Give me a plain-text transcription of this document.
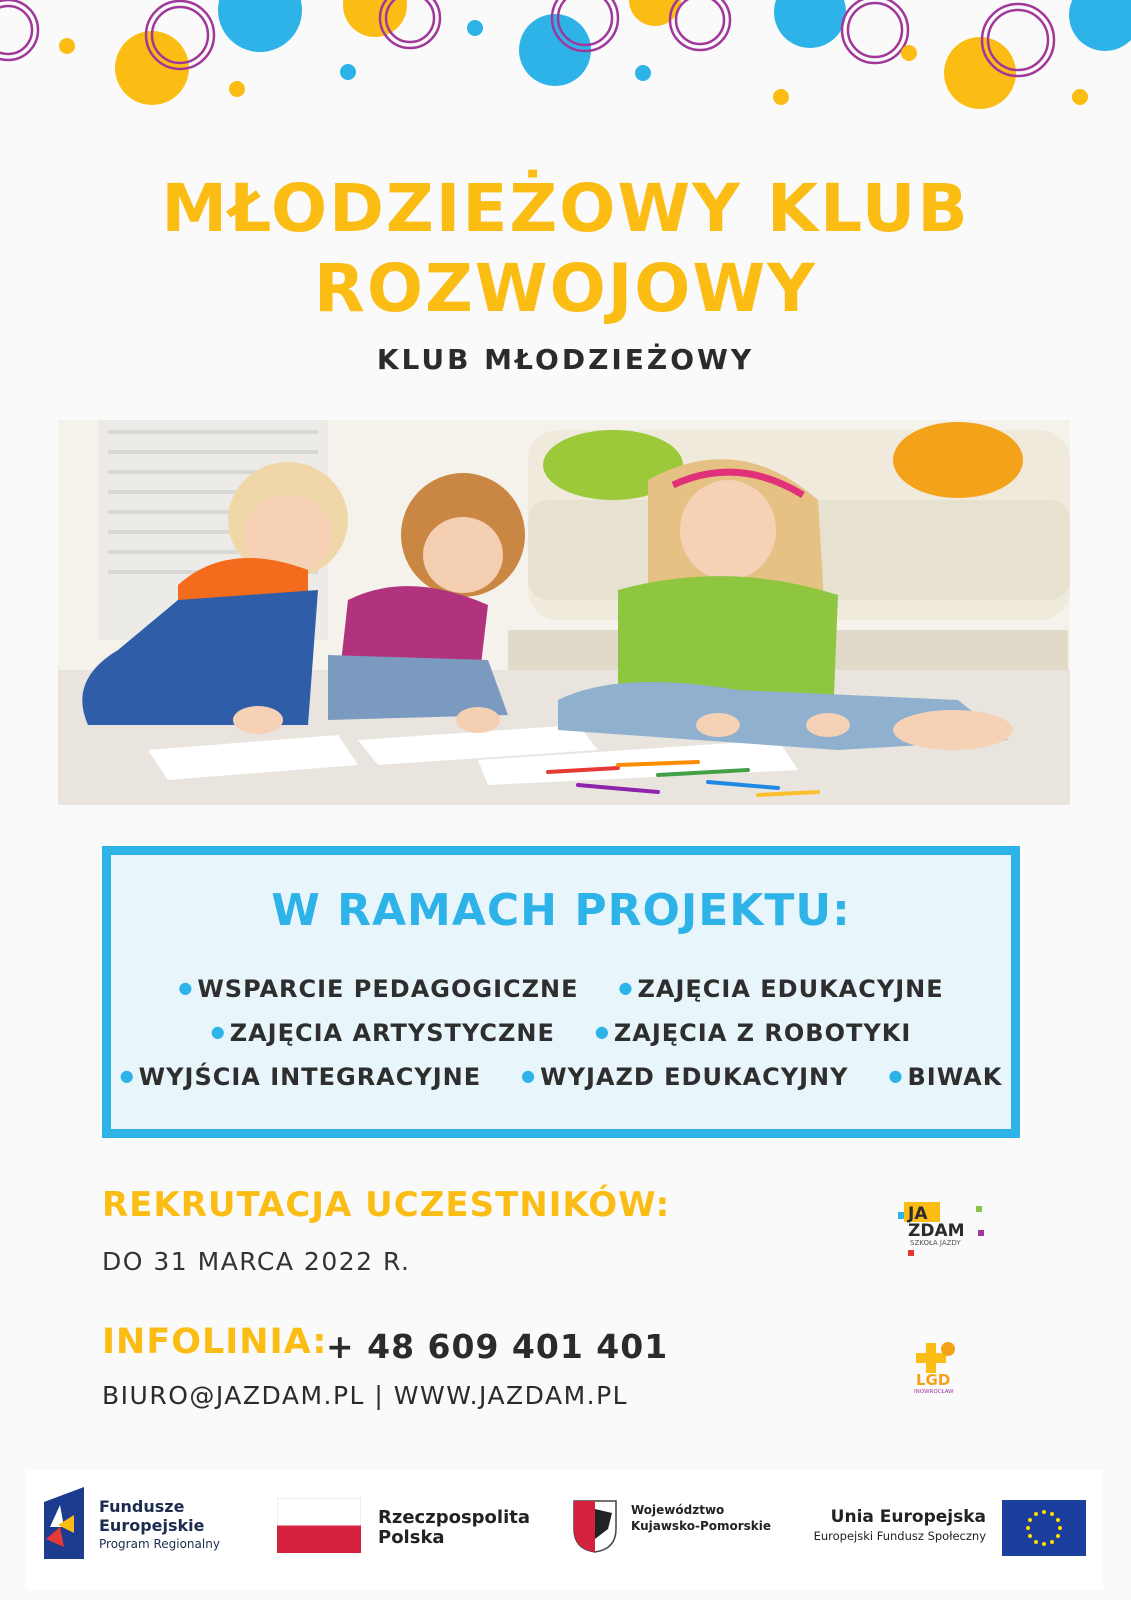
MŁODZIEŻOWY KLUB
ROZWOJOWY
KLUB MŁODZIEŻOWY
W RAMACH PROJEKTU:
● WSPARCIE PEDAGOGICZNE	● ZAJĘCIA EDUKACYJNE
● ZAJĘCIA ARTYSTYCZNE	● ZAJĘCIA Z ROBOTYKI
● WYJŚCIA INTEGRACYJNE	● WYJAZD EDUKACYJNY	● BIWAK
REKRUTACJA UCZESTNIKÓW:
DO 31 MARCA 2022 R.
INFOLINIA:
+ 48 609 401 401
BIURO@JAZDAM.PL | WWW.JAZDAM.PL
JA
ZDAM
SZKOŁA JAZDY
LGD
INOWROCŁAW
Fundusze
Europejskie
Program Regionalny
Rzeczpospolita
Polska
Województwo
Kujawsko-Pomorskie	Unia Europejska
Europejski Fundusz Społeczny
